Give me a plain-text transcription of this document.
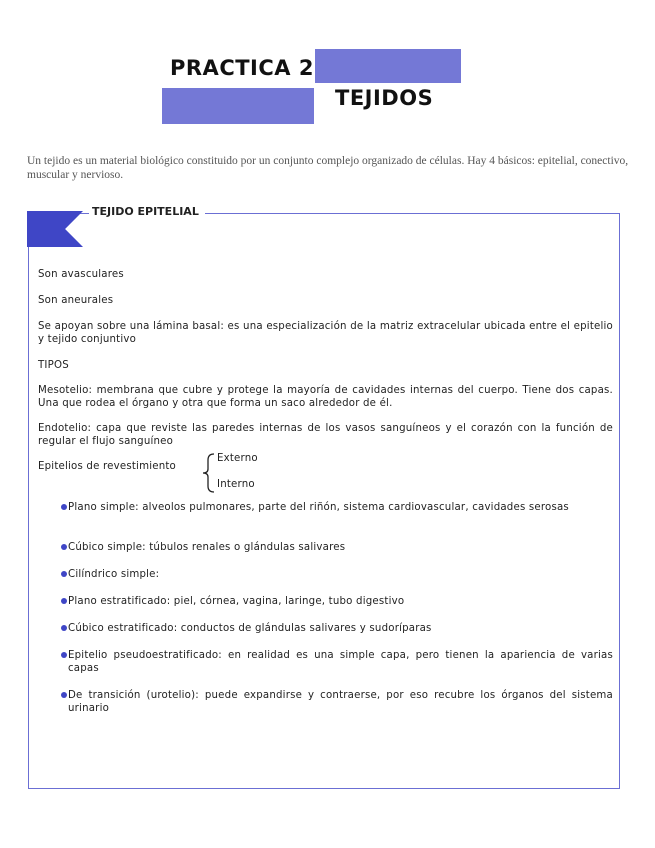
PRACTICA 2
TEJIDOS
Un tejido es un material biológico constituido por un conjunto complejo organizado de células. Hay 4 básicos: epitelial, conectivo, muscular y nervioso.
TEJIDO EPITELIAL
Son avasculares
Son aneurales
Se apoyan sobre una lámina basal: es una especialización de la matriz extracelular ubicada entre el epitelio y tejido conjuntivo
TIPOS
Mesotelio: membrana que cubre y protege la mayoría de cavidades internas del cuerpo. Tiene dos capas. Una que rodea el órgano y otra que forma un saco alrededor de él.
Endotelio: capa que reviste las paredes internas de los vasos sanguíneos y el corazón con la función de regular el flujo sanguíneo
Epitelios de revestimiento
Externo
Interno
Plano simple: alveolos pulmonares, parte del riñón, sistema cardiovascular, cavidades serosas
Cúbico simple: túbulos renales o glándulas salivares
Cilíndrico simple:
Plano estratificado: piel, córnea, vagina, laringe, tubo digestivo
Cúbico estratificado: conductos de glándulas salivares y sudoríparas
Epitelio pseudoestratificado: en realidad es una simple capa, pero tienen la apariencia de varias capas
De transición (urotelio): puede expandirse y contraerse, por eso recubre los órganos del sistema urinario
